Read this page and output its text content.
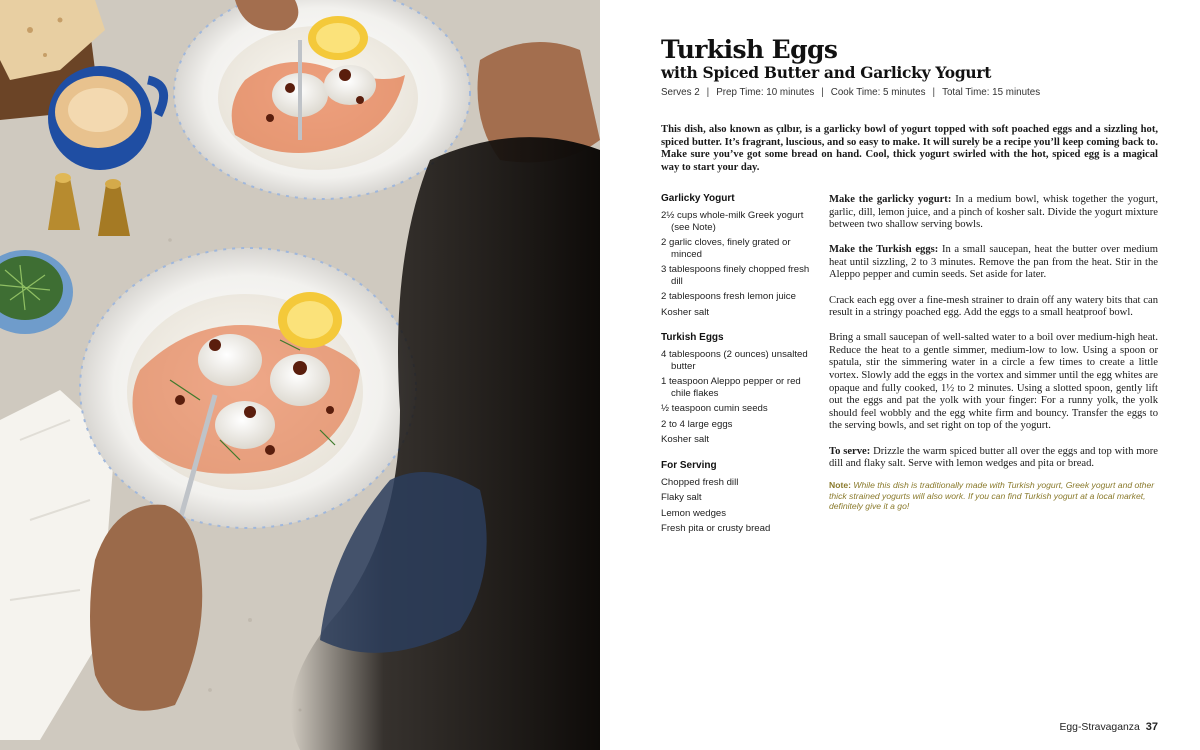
Turkish Eggs
with Spiced Butter and Garlicky Yogurt
Serves 2 | Prep Time: 10 minutes | Cook Time: 5 minutes | Total Time: 15 minutes

This dish, also known as çılbır, is a garlicky bowl of yogurt topped with soft poached eggs and a sizzling hot, spiced butter. It’s fragrant, luscious, and so easy to make. It will surely be a recipe you’ll keep coming back to. Make sure you’ve got some bread on hand. Cool, thick yogurt swirled with the hot, spiced egg is a magical way to start your day.

Garlicky Yogurt
2½ cups whole-milk Greek yogurt (see Note)
2 garlic cloves, finely grated or minced
3 tablespoons finely chopped fresh dill
2 tablespoons fresh lemon juice
Kosher salt
Turkish Eggs
4 tablespoons (2 ounces) unsalted butter
1 teaspoon Aleppo pepper or red chile flakes
½ teaspoon cumin seeds
2 to 4 large eggs
Kosher salt
For Serving
Chopped fresh dill
Flaky salt
Lemon wedges
Fresh pita or crusty bread

Make the garlicky yogurt: In a medium bowl, whisk together the yogurt, garlic, dill, lemon juice, and a pinch of kosher salt. Divide the yogurt mixture between two shallow serving bowls.

Make the Turkish eggs: In a small saucepan, heat the butter over medium heat until sizzling, 2 to 3 minutes. Remove the pan from the heat. Stir in the Aleppo pepper and cumin seeds. Set aside for later.

Crack each egg over a fine-mesh strainer to drain off any watery bits that can result in a stringy poached egg. Add the eggs to a small heatproof bowl.

Bring a small saucepan of well-salted water to a boil over medium-high heat. Reduce the heat to a gentle simmer, medium-low to low. Using a spoon or spatula, stir the simmering water in a circle a few times to create a little vortex. Slowly add the eggs in the vortex and simmer until the egg whites are opaque and fully cooked, 1½ to 2 minutes. Using a slotted spoon, gently lift out the eggs and pat the yolk with your finger: For a runny yolk, the yolk should feel wobbly and the egg white firm and bouncy. Transfer the eggs to the serving bowls, and set right on top of the yogurt.

To serve: Drizzle the warm spiced butter all over the eggs and top with more dill and flaky salt. Serve with lemon wedges and pita or bread.

Note: While this dish is traditionally made with Turkish yogurt, Greek yogurt and other thick strained yogurts will also work. If you can find Turkish yogurt at a local market, definitely give it a go!

Egg-Stravaganza 37
